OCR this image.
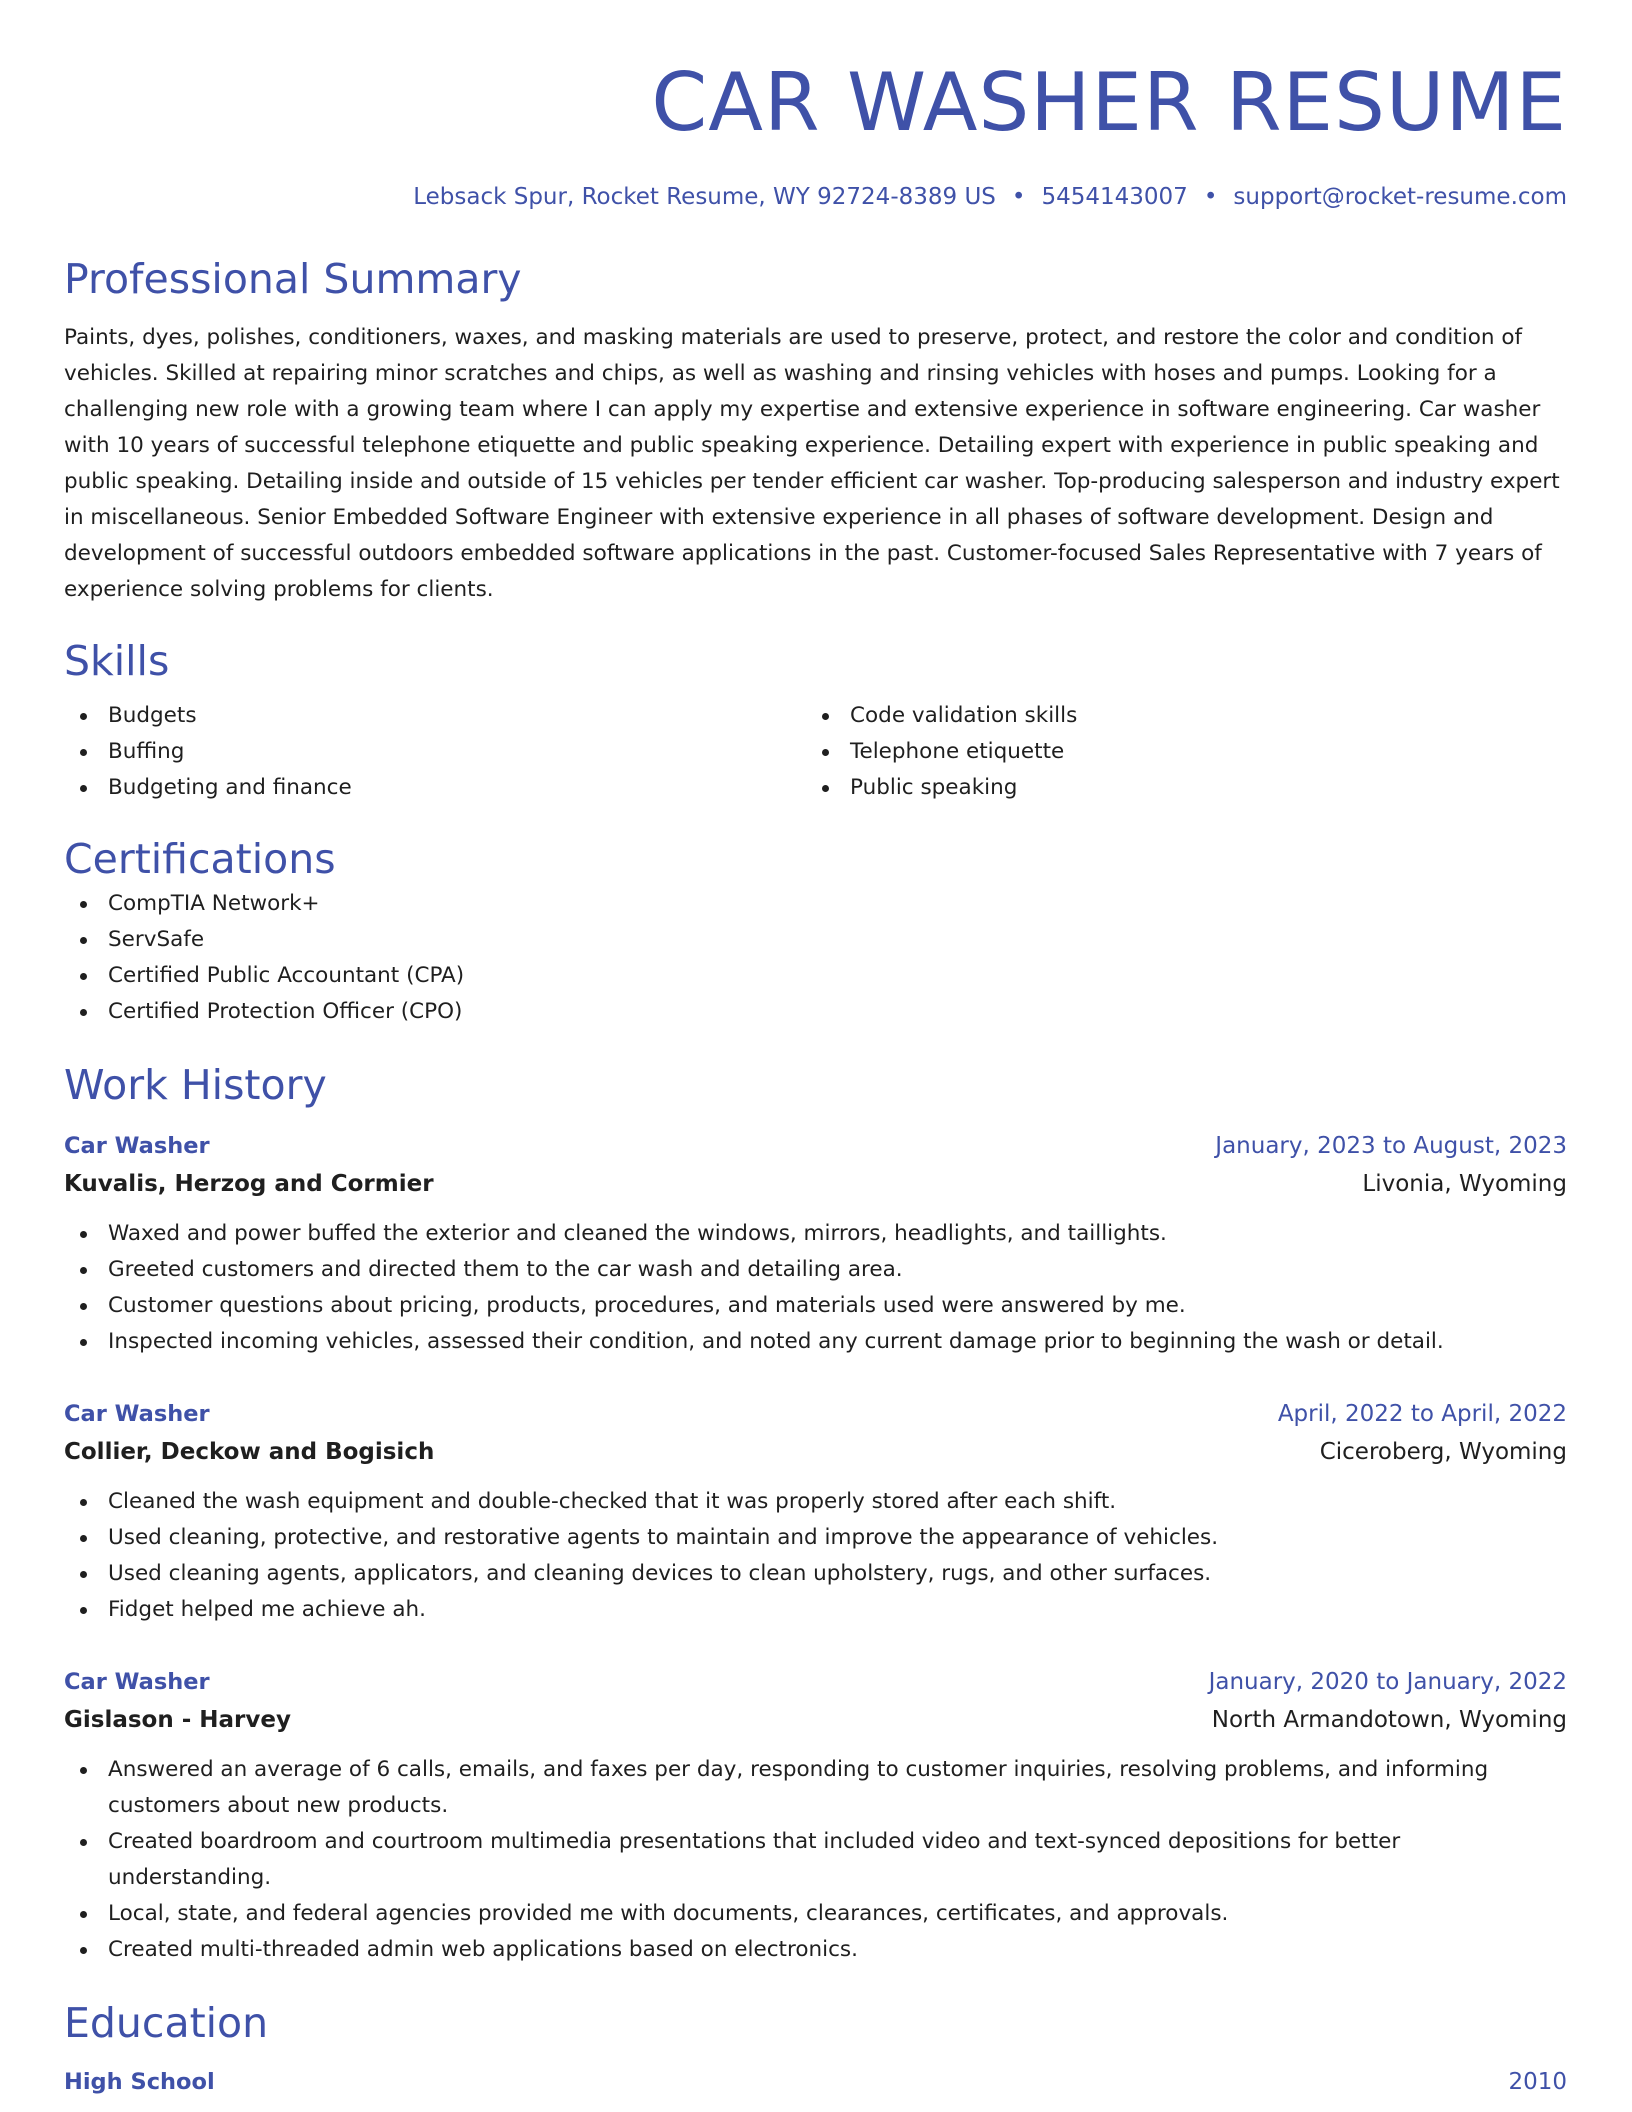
CAR WASHER RESUME
Lebsack Spur, Rocket Resume, WY 92724-8389 US • 5454143007 • support@rocket-resume.com
Professional Summary
Paints, dyes, polishes, conditioners, waxes, and masking materials are used to preserve, protect, and restore the color and condition of vehicles. Skilled at repairing minor scratches and chips, as well as washing and rinsing vehicles with hoses and pumps. Looking for a challenging new role with a growing team where I can apply my expertise and extensive experience in software engineering. Car washer with 10 years of successful telephone etiquette and public speaking experience. Detailing expert with experience in public speaking and public speaking. Detailing inside and outside of 15 vehicles per tender efficient car washer. Top-producing salesperson and industry expert in miscellaneous. Senior Embedded Software Engineer with extensive experience in all phases of software development. Design and development of successful outdoors embedded software applications in the past. Customer-focused Sales Representative with 7 years of experience solving problems for clients.
Skills
Budgets
Buffing
Budgeting and finance
Code validation skills
Telephone etiquette
Public speaking
Certifications
CompTIA Network+
ServSafe
Certified Public Accountant (CPA)
Certified Protection Officer (CPO)
Work History
Car Washer	January, 2023 to August, 2023
Kuvalis, Herzog and Cormier	Livonia, Wyoming
Waxed and power buffed the exterior and cleaned the windows, mirrors, headlights, and taillights.
Greeted customers and directed them to the car wash and detailing area.
Customer questions about pricing, products, procedures, and materials used were answered by me.
Inspected incoming vehicles, assessed their condition, and noted any current damage prior to beginning the wash or detail.
Car Washer	April, 2022 to April, 2022
Collier, Deckow and Bogisich	Ciceroberg, Wyoming
Cleaned the wash equipment and double-checked that it was properly stored after each shift.
Used cleaning, protective, and restorative agents to maintain and improve the appearance of vehicles.
Used cleaning agents, applicators, and cleaning devices to clean upholstery, rugs, and other surfaces.
Fidget helped me achieve ah.
Car Washer	January, 2020 to January, 2022
Gislason - Harvey	North Armandotown, Wyoming
Answered an average of 6 calls, emails, and faxes per day, responding to customer inquiries, resolving problems, and informing customers about new products.
Created boardroom and courtroom multimedia presentations that included video and text-synced depositions for better understanding.
Local, state, and federal agencies provided me with documents, clearances, certificates, and approvals.
Created multi-threaded admin web applications based on electronics.
Education
High School	2010
